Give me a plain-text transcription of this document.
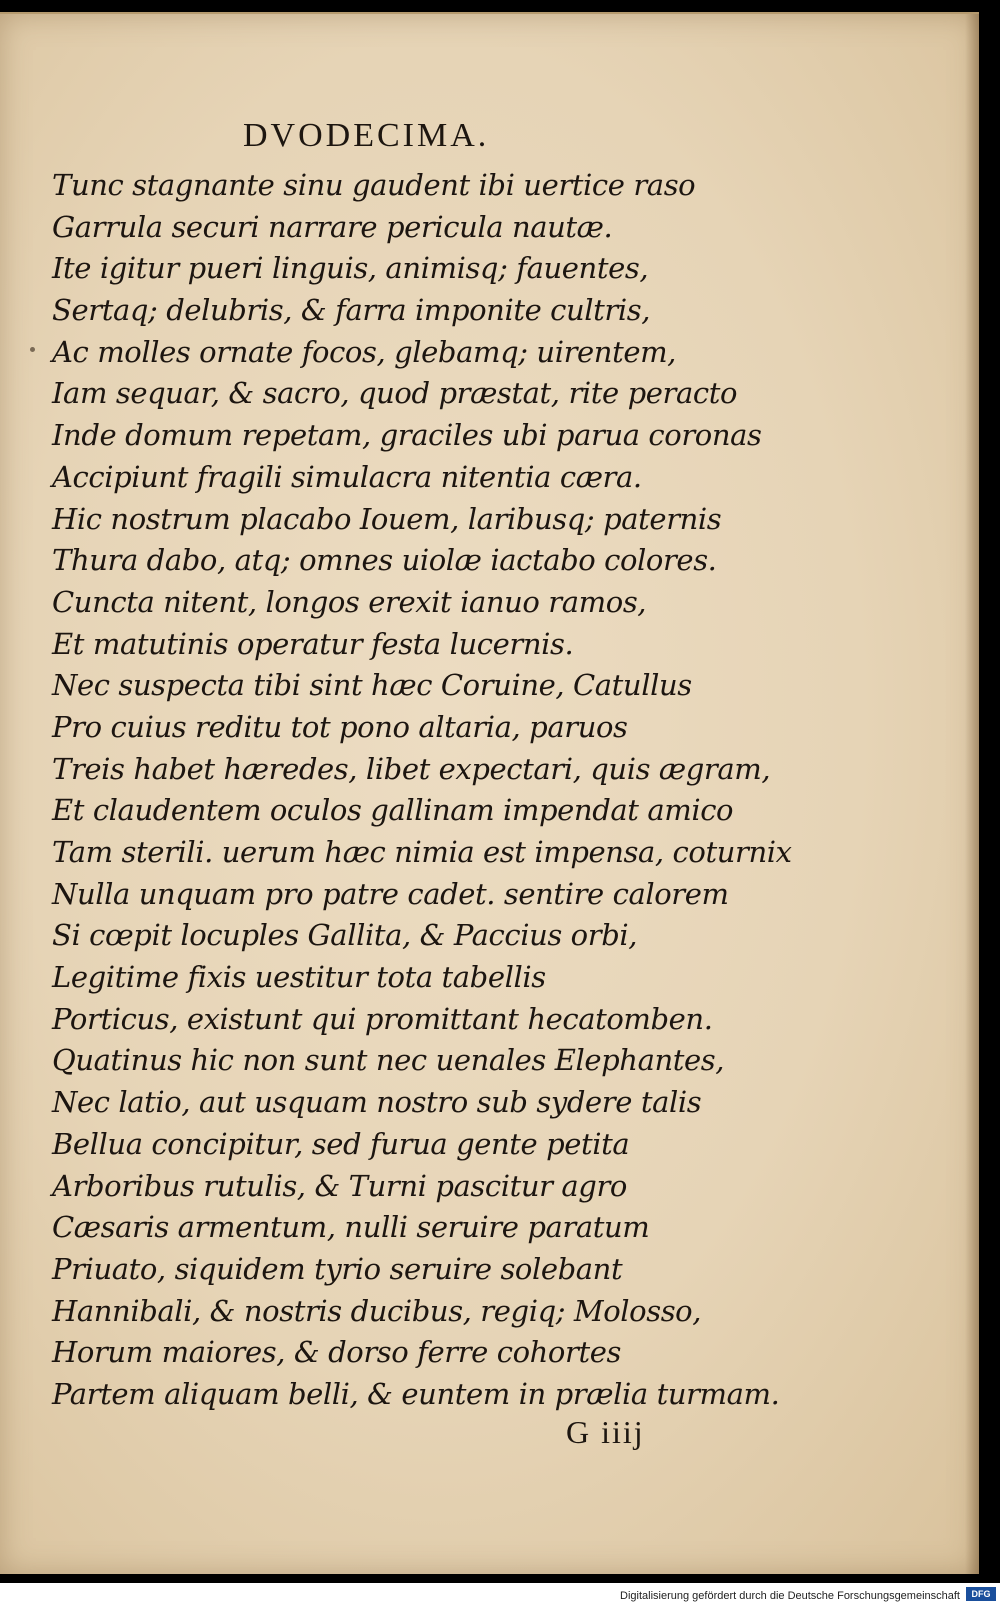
DVODECIMA.
Tunc stagnante sinu gaudent ibi uertice raso
Garrula securi narrare pericula nautæ.
Ite igitur pueri linguis, animisq; fauentes,
Sertaq; delubris, & farra imponite cultris,
Ac molles ornate focos, glebamq; uirentem,
Iam sequar, & sacro, quod præstat, rite peracto
Inde domum repetam, graciles ubi parua coronas
Accipiunt fragili simulacra nitentia cæra.
Hic nostrum placabo Iouem, laribusq; paternis
Thura dabo, atq; omnes uiolæ iactabo colores.
Cuncta nitent, longos erexit ianuo ramos,
Et matutinis operatur festa lucernis.
Nec suspecta tibi sint hæc Coruine, Catullus
Pro cuius reditu tot pono altaria, paruos
Treis habet hæredes, libet expectari, quis ægram,
Et claudentem oculos gallinam impendat amico
Tam sterili. uerum hæc nimia est impensa, coturnix
Nulla unquam pro patre cadet. sentire calorem
Si cœpit locuples Gallita, & Paccius orbi,
Legitime fixis uestitur tota tabellis
Porticus, existunt qui promittant hecatomben.
Quatinus hic non sunt nec uenales Elephantes,
Nec latio, aut usquam nostro sub sydere talis
Bellua concipitur, sed furua gente petita
Arboribus rutulis, & Turni pascitur agro
Cæsaris armentum, nulli seruire paratum
Priuato, siquidem tyrio seruire solebant
Hannibali, & nostris ducibus, regiq; Molosso,
Horum maiores, & dorso ferre cohortes
Partem aliquam belli, & euntem in prælia turmam.
G iiij
Digitalisierung gefördert durch die Deutsche Forschungsgemeinschaft	DFG
